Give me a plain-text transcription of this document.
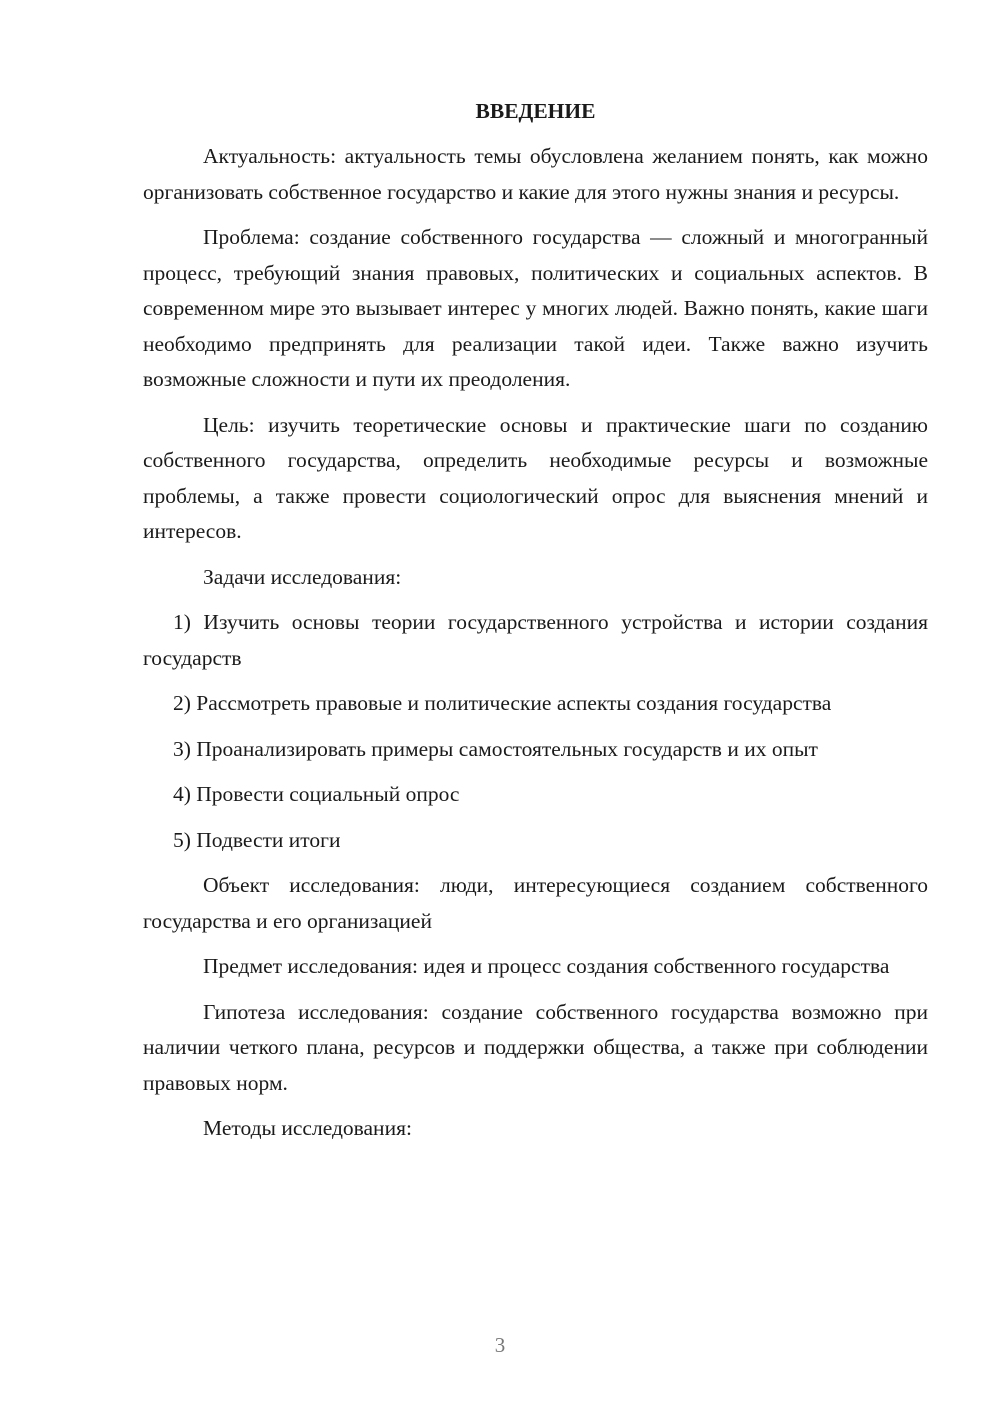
ВВЕДЕНИЕ

Актуальность: актуальность темы обусловлена желанием понять, как можно организовать собственное государство и какие для этого нужны знания и ресурсы.

Проблема: создание собственного государства — сложный и многогранный процесс, требующий знания правовых, политических и социальных аспектов. В современном мире это вызывает интерес у многих людей. Важно понять, какие шаги необходимо предпринять для реализации такой идеи. Также важно изучить возможные сложности и пути их преодоления.

Цель: изучить теоретические основы и практические шаги по созданию собственного государства, определить необходимые ресурсы и возможные проблемы, а также провести социологический опрос для выяснения мнений и интересов.

Задачи исследования:

1) Изучить основы теории государственного устройства и истории создания государств

2) Рассмотреть правовые и политические аспекты создания государства

3) Проанализировать примеры самостоятельных государств и их опыт

4) Провести социальный опрос

5) Подвести итоги

Объект исследования: люди, интересующиеся созданием собственного государства и его организацией

Предмет исследования: идея и процесс создания собственного государства

Гипотеза исследования: создание собственного государства возможно при наличии четкого плана, ресурсов и поддержки общества, а также при соблюдении правовых норм.

Методы исследования:

3
